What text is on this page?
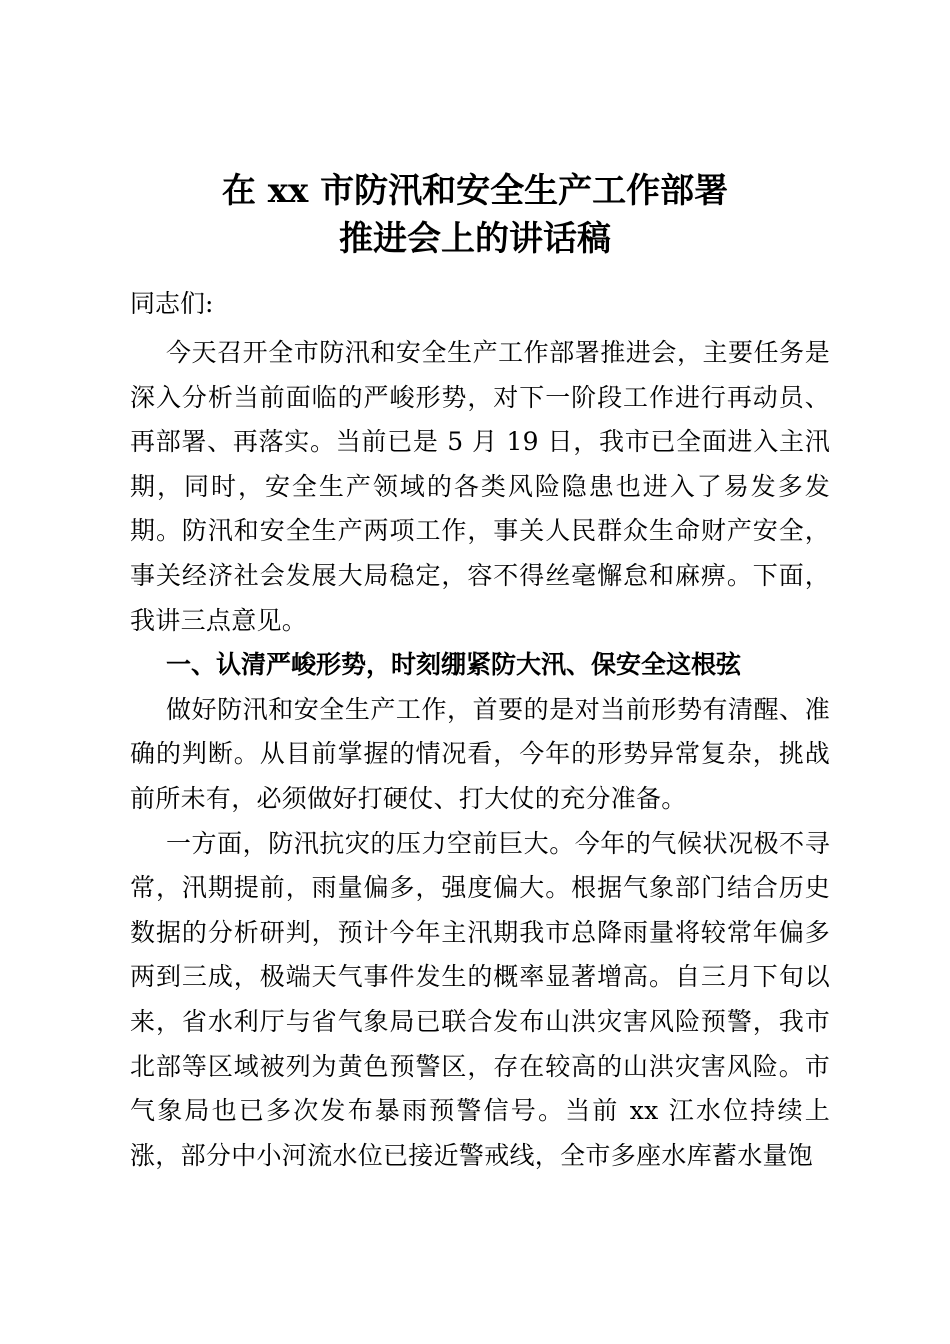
在 xx 市防汛和安全生产工作部署
推进会上的讲话稿
同志们:

今天召开全市防汛和安全生产工作部署推进会，主要任务是深入分析当前面临的严峻形势，对下一阶段工作进行再动员、再部署、再落实。当前已是 5 月 19 日，我市已全面进入主汛期，同时，安全生产领域的各类风险隐患也进入了易发多发期。防汛和安全生产两项工作，事关人民群众生命财产安全，事关经济社会发展大局稳定，容不得丝毫懈怠和麻痹。下面，我讲三点意见。

一、认清严峻形势，时刻绷紧防大汛、保安全这根弦

做好防汛和安全生产工作，首要的是对当前形势有清醒、准确的判断。从目前掌握的情况看，今年的形势异常复杂，挑战前所未有，必须做好打硬仗、打大仗的充分准备。

一方面，防汛抗灾的压力空前巨大。今年的气候状况极不寻常，汛期提前，雨量偏多，强度偏大。根据气象部门结合历史数据的分析研判，预计今年主汛期我市总降雨量将较常年偏多两到三成，极端天气事件发生的概率显著增高。自三月下旬以来，省水利厅与省气象局已联合发布山洪灾害风险预警，我市北部等区域被列为黄色预警区，存在较高的山洪灾害风险。市气象局也已多次发布暴雨预警信号。当前 xx 江水位持续上涨，部分中小河流水位已接近警戒线，全市多座水库蓄水量饱
